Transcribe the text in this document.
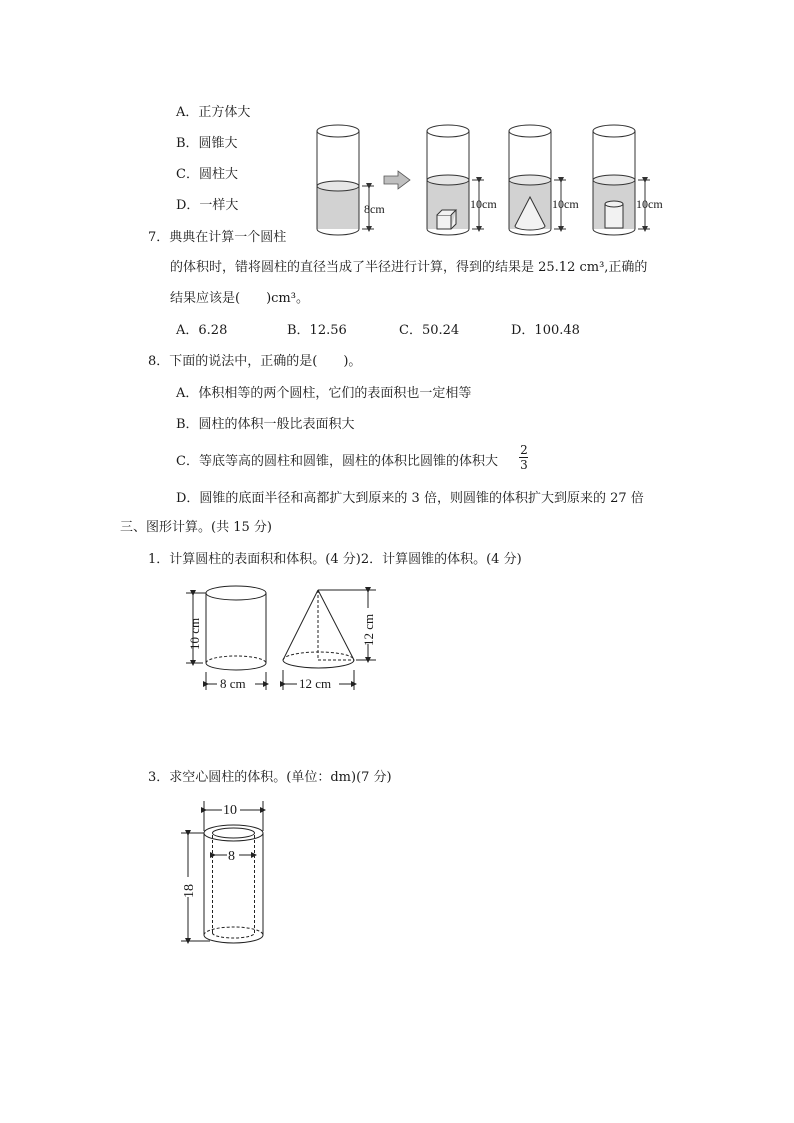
A．正方体大
B．圆锥大
C．圆柱大
D．一样大	8cm	10cm	10cm	10cm
7．典典在计算一个圆柱
的体积时，错将圆柱的直径当成了半径进行计算，得到的结果是 25.12 cm³,正确的
结果应该是(　　)cm³。
A．6.28	B．12.56	C．50.24	D．100.48
8．下面的说法中，正确的是(　　)。
A．体积相等的两个圆柱，它们的表面积也一定相等
B．圆柱的体积一般比表面积大
C．等底等高的圆柱和圆锥，圆柱的体积比圆锥的体积大
2
3
D．圆锥的底面半径和高都扩大到原来的 3 倍，则圆锥的体积扩大到原来的 27 倍
三、图形计算。(共 15 分)
1．计算圆柱的表面积和体积。(4 分)2．计算圆锥的体积。(4 分)
10 cm
8 cm
12 cm
12 cm
3．求空心圆柱的体积。(单位：dm)(7 分)
10
8
18
